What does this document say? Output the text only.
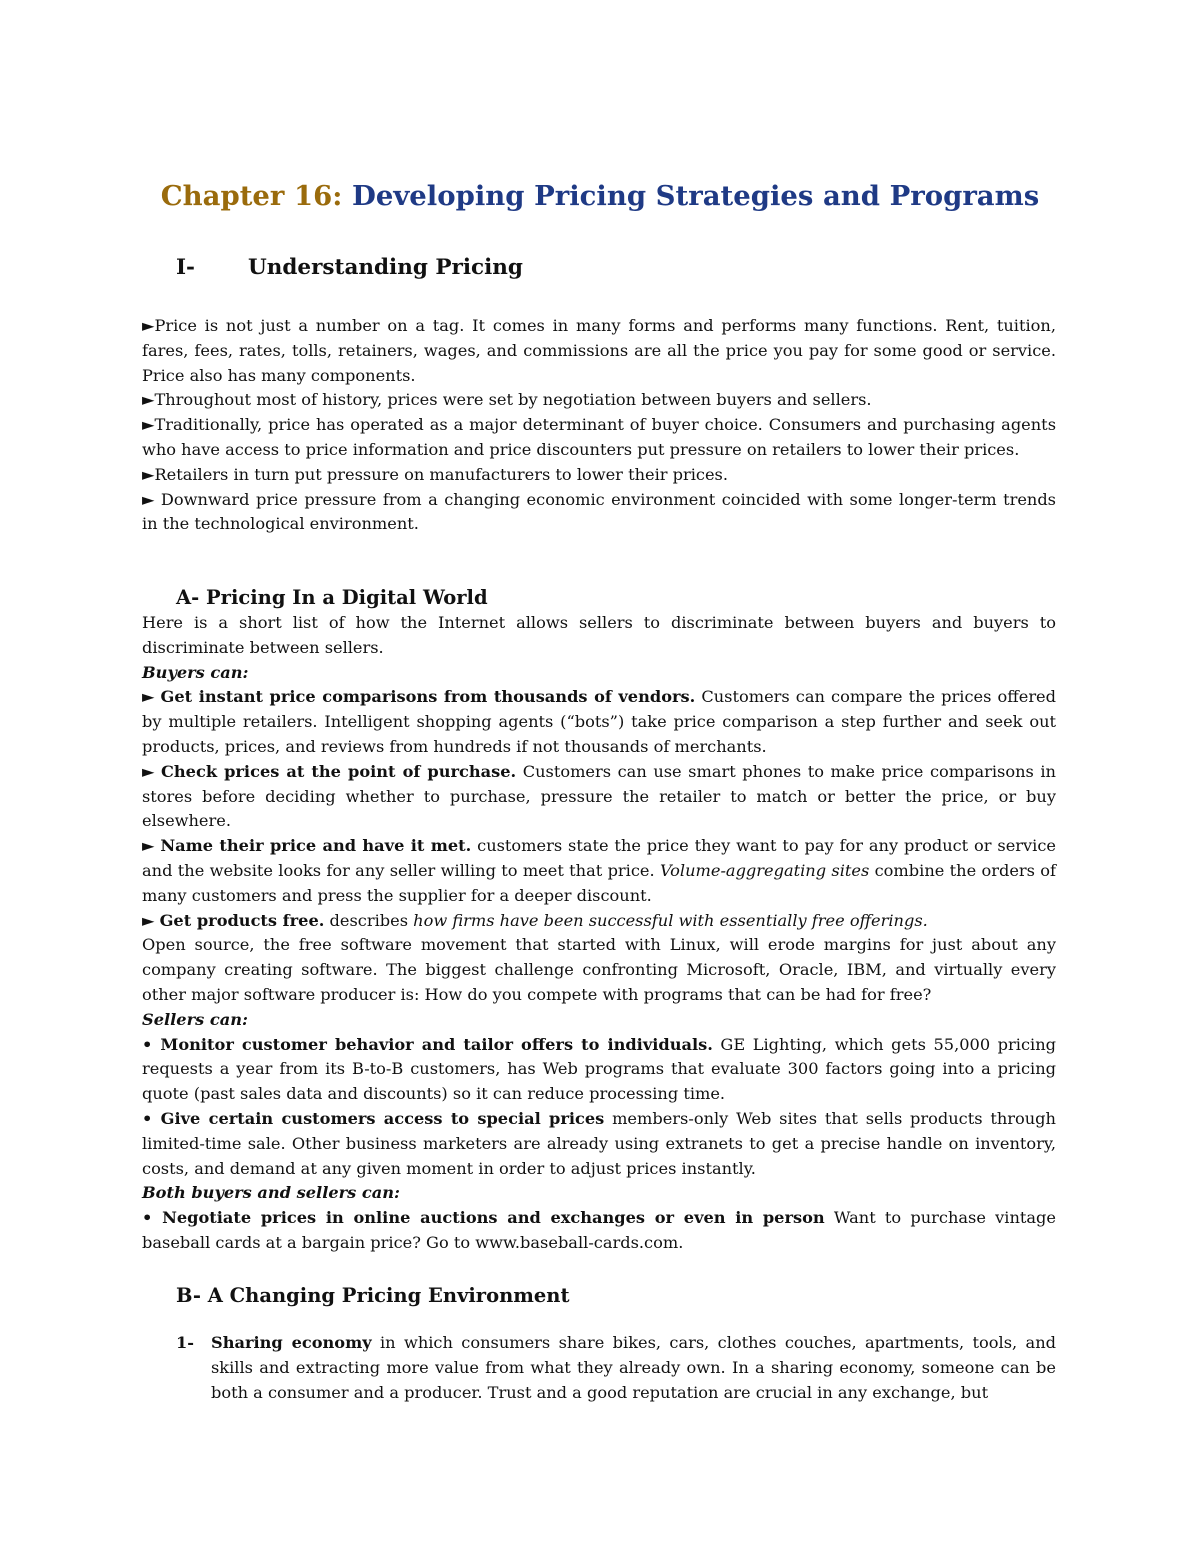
Chapter 16: Developing Pricing Strategies and Programs
I- Understanding Pricing

►Price is not just a number on a tag. It comes in many forms and performs many functions. Rent, tuition, fares, fees, rates, tolls, retainers, wages, and commissions are all the price you pay for some good or service. Price also has many components.

►Throughout most of history, prices were set by negotiation between buyers and sellers.

►Traditionally, price has operated as a major determinant of buyer choice. Consumers and purchasing agents who have access to price information and price discounters put pressure on retailers to lower their prices.

►Retailers in turn put pressure on manufacturers to lower their prices.

► Downward price pressure from a changing economic environment coincided with some longer-term trends in the technological environment.

A- Pricing In a Digital World

Here is a short list of how the Internet allows sellers to discriminate between buyers and buyers to discriminate between sellers.

Buyers can:

► Get instant price comparisons from thousands of vendors. Customers can compare the prices offered by multiple retailers. Intelligent shopping agents (“bots”) take price comparison a step further and seek out products, prices, and reviews from hundreds if not thousands of merchants.

► Check prices at the point of purchase. Customers can use smart phones to make price comparisons in stores before deciding whether to purchase, pressure the retailer to match or better the price, or buy elsewhere.

► Name their price and have it met. customers state the price they want to pay for any product or service and the website looks for any seller willing to meet that price. Volume-aggregating sites combine the orders of many customers and press the supplier for a deeper discount.

► Get products free. describes how firms have been successful with essentially free offerings.

Open source, the free software movement that started with Linux, will erode margins for just about any company creating software. The biggest challenge confronting Microsoft, Oracle, IBM, and virtually every other major software producer is: How do you compete with programs that can be had for free?

Sellers can:

• Monitor customer behavior and tailor offers to individuals. GE Lighting, which gets 55,000 pricing requests a year from its B-to-B customers, has Web programs that evaluate 300 factors going into a pricing quote (past sales data and discounts) so it can reduce processing time.

• Give certain customers access to special prices members-only Web sites that sells products through limited-time sale. Other business marketers are already using extranets to get a precise handle on inventory, costs, and demand at any given moment in order to adjust prices instantly.

Both buyers and sellers can:

• Negotiate prices in online auctions and exchanges or even in person Want to purchase vintage baseball cards at a bargain price? Go to www.baseball-cards.com.

B- A Changing Pricing Environment
1- Sharing economy in which consumers share bikes, cars, clothes couches, apartments, tools, and skills and extracting more value from what they already own. In a sharing economy, someone can be both a consumer and a producer. Trust and a good reputation are crucial in any exchange, but
